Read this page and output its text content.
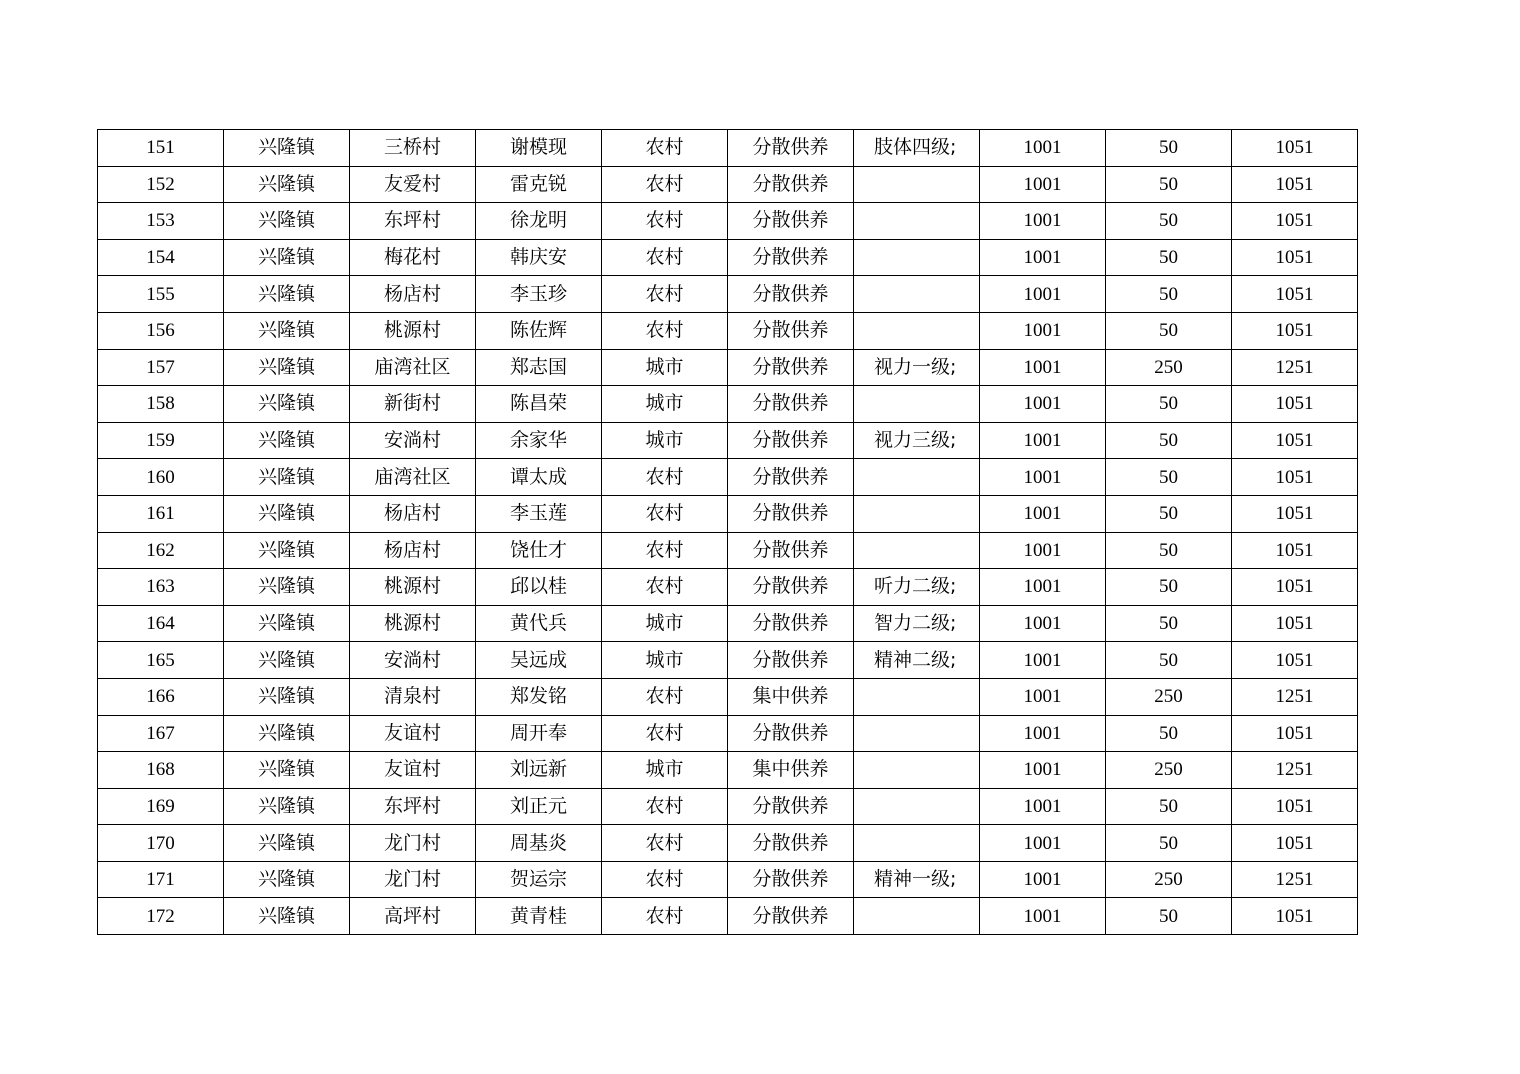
151	兴隆镇	三桥村	谢模现	农村	分散供养	肢体四级;	1001	50	1051
152	兴隆镇	友爱村	雷克锐	农村	分散供养		1001	50	1051
153	兴隆镇	东坪村	徐龙明	农村	分散供养		1001	50	1051
154	兴隆镇	梅花村	韩庆安	农村	分散供养		1001	50	1051
155	兴隆镇	杨店村	李玉珍	农村	分散供养		1001	50	1051
156	兴隆镇	桃源村	陈佐辉	农村	分散供养		1001	50	1051
157	兴隆镇	庙湾社区	郑志国	城市	分散供养	视力一级;	1001	250	1251
158	兴隆镇	新街村	陈昌荣	城市	分散供养		1001	50	1051
159	兴隆镇	安淌村	余家华	城市	分散供养	视力三级;	1001	50	1051
160	兴隆镇	庙湾社区	谭太成	农村	分散供养		1001	50	1051
161	兴隆镇	杨店村	李玉莲	农村	分散供养		1001	50	1051
162	兴隆镇	杨店村	饶仕才	农村	分散供养		1001	50	1051
163	兴隆镇	桃源村	邱以桂	农村	分散供养	听力二级;	1001	50	1051
164	兴隆镇	桃源村	黄代兵	城市	分散供养	智力二级;	1001	50	1051
165	兴隆镇	安淌村	吴远成	城市	分散供养	精神二级;	1001	50	1051
166	兴隆镇	清泉村	郑发铭	农村	集中供养		1001	250	1251
167	兴隆镇	友谊村	周开奉	农村	分散供养		1001	50	1051
168	兴隆镇	友谊村	刘远新	城市	集中供养		1001	250	1251
169	兴隆镇	东坪村	刘正元	农村	分散供养		1001	50	1051
170	兴隆镇	龙门村	周基炎	农村	分散供养		1001	50	1051
171	兴隆镇	龙门村	贺运宗	农村	分散供养	精神一级;	1001	250	1251
172	兴隆镇	高坪村	黄青桂	农村	分散供养		1001	50	1051
